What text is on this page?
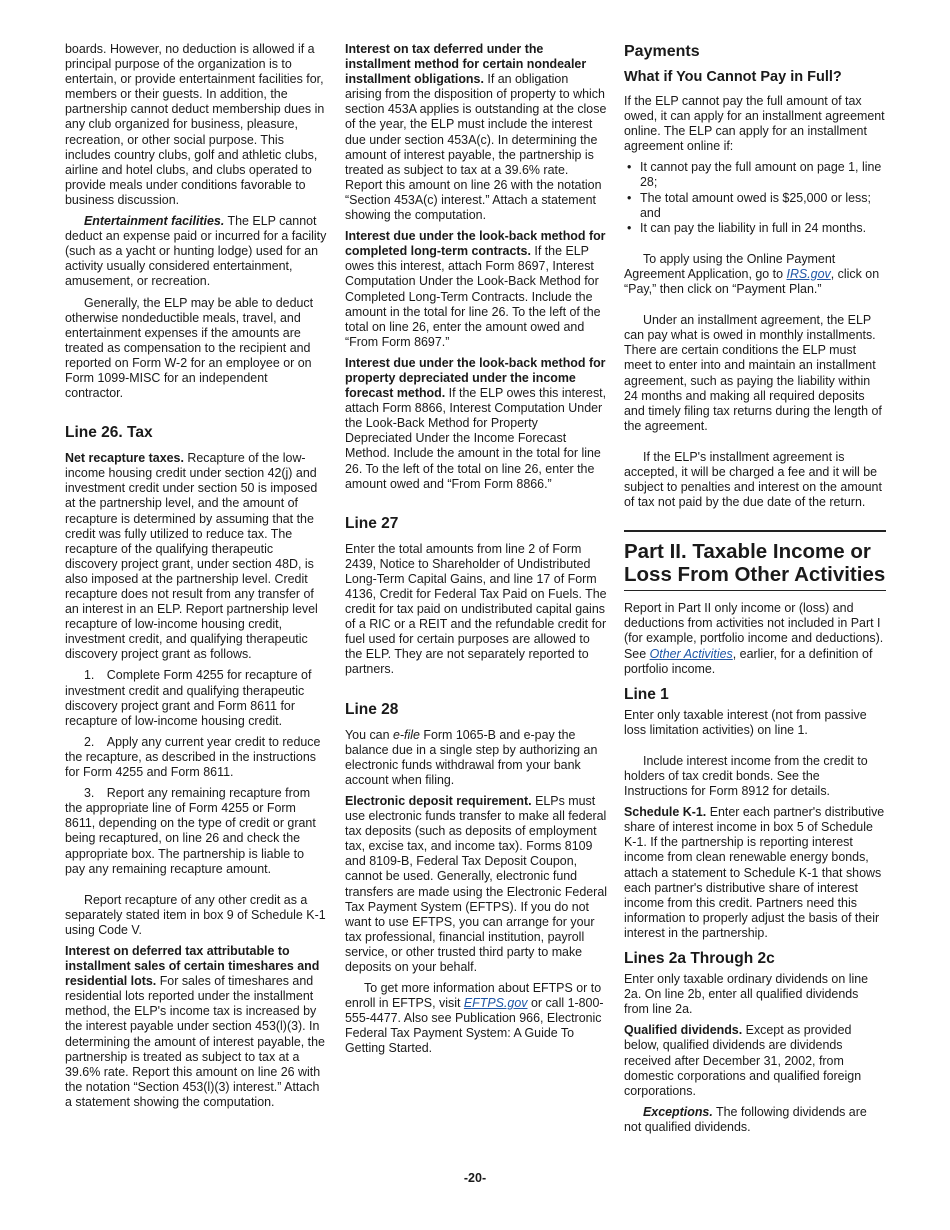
boards. However, no deduction is allowed if a principal purpose of the organization is to entertain, or provide entertainment facilities for, members or their guests. In addition, the partnership cannot deduct membership dues in any club organized for business, pleasure, recreation, or other social purpose. This includes country clubs, golf and athletic clubs, airline and hotel clubs, and clubs operated to provide meals under conditions favorable to business discussion.

Entertainment facilities. The ELP cannot deduct an expense paid or incurred for a facility (such as a yacht or hunting lodge) used for an activity usually considered entertainment, amusement, or recreation.

Generally, the ELP may be able to deduct otherwise nondeductible meals, travel, and entertainment expenses if the amounts are treated as compensation to the recipient and reported on Form W-2 for an employee or on Form 1099-MISC for an independent contractor.

Line 26. Tax

Net recapture taxes. Recapture of the low-income housing credit under section 42(j) and investment credit under section 50 is imposed at the partnership level, and the amount of recapture is determined by assuming that the credit was fully utilized to reduce tax. The recapture of the qualifying therapeutic discovery project grant, under section 48D, is also imposed at the partnership level. Credit recapture does not result from any transfer of an interest in an ELP. Report partnership level recapture of low-income housing credit, investment credit, and qualifying therapeutic discovery project grant as follows.

1. Complete Form 4255 for recapture of investment credit and qualifying therapeutic discovery project grant and Form 8611 for recapture of low-income housing credit.

2. Apply any current year credit to reduce the recapture, as described in the instructions for Form 4255 and Form 8611.

3. Report any remaining recapture from the appropriate line of Form 4255 or Form 8611, depending on the type of credit or grant being recaptured, on line 26 and check the appropriate box. The partnership is liable to pay any remaining recapture amount.

Report recapture of any other credit as a separately stated item in box 9 of Schedule K-1 using Code V.

Interest on deferred tax attributable to installment sales of certain timeshares and residential lots. For sales of timeshares and residential lots reported under the installment method, the ELP's income tax is increased by the interest payable under section 453(l)(3). In determining the amount of interest payable, the partnership is treated as subject to tax at a 39.6% rate. Report this amount on line 26 with the notation “Section 453(l)(3) interest.” Attach a statement showing the computation.

Interest on tax deferred under the installment method for certain nondealer installment obligations. If an obligation arising from the disposition of property to which section 453A applies is outstanding at the close of the year, the ELP must include the interest due under section 453A(c). In determining the amount of interest payable, the partnership is treated as subject to tax at a 39.6% rate. Report this amount on line 26 with the notation “Section 453A(c) interest.” Attach a statement showing the computation.

Interest due under the look-back method for completed long-term contracts. If the ELP owes this interest, attach Form 8697, Interest Computation Under the Look-Back Method for Completed Long-Term Contracts. Include the amount in the total for line 26. To the left of the total on line 26, enter the amount owed and “From Form 8697.”

Interest due under the look-back method for property depreciated under the income forecast method. If the ELP owes this interest, attach Form 8866, Interest Computation Under the Look-Back Method for Property Depreciated Under the Income Forecast Method. Include the amount in the total for line 26. To the left of the total on line 26, enter the amount owed and “From Form 8866.”

Line 27

Enter the total amounts from line 2 of Form 2439, Notice to Shareholder of Undistributed Long-Term Capital Gains, and line 17 of Form 4136, Credit for Federal Tax Paid on Fuels. The credit for tax paid on undistributed capital gains of a RIC or a REIT and the refundable credit for fuel used for certain purposes are allowed to the ELP. They are not separately reported to partners.

Line 28

You can e-file Form 1065-B and e-pay the balance due in a single step by authorizing an electronic funds withdrawal from your bank account when filing.

Electronic deposit requirement. ELPs must use electronic funds transfer to make all federal tax deposits (such as deposits of employment tax, excise tax, and income tax). Forms 8109 and 8109-B, Federal Tax Deposit Coupon, cannot be used. Generally, electronic fund transfers are made using the Electronic Federal Tax Payment System (EFTPS). If you do not want to use EFTPS, you can arrange for your tax professional, financial institution, payroll service, or other trusted third party to make deposits on your behalf.

To get more information about EFTPS or to enroll in EFTPS, visit EFTPS.gov or call 1-800-555-4477. Also see Publication 966, Electronic Federal Tax Payment System: A Guide To Getting Started.

Payments
What if You Cannot Pay in Full?

If the ELP cannot pay the full amount of tax owed, it can apply for an installment agreement online. The ELP can apply for an installment agreement online if:

• It cannot pay the full amount on page 1, line 28;
• The total amount owed is $25,000 or less; and
• It can pay the liability in full in 24 months.

To apply using the Online Payment Agreement Application, go to IRS.gov, click on “Pay,” then click on “Payment Plan.”

Under an installment agreement, the ELP can pay what is owed in monthly installments. There are certain conditions the ELP must meet to enter into and maintain an installment agreement, such as paying the liability within 24 months and making all required deposits and timely filing tax returns during the length of the agreement.

If the ELP's installment agreement is accepted, it will be charged a fee and it will be subject to penalties and interest on the amount of tax not paid by the due date of the return.

Part II. Taxable Income or Loss From Other Activities

Report in Part II only income or (loss) and deductions from activities not included in Part I (for example, portfolio income and deductions). See Other Activities, earlier, for a definition of portfolio income.

Line 1

Enter only taxable interest (not from passive loss limitation activities) on line 1.

Include interest income from the credit to holders of tax credit bonds. See the Instructions for Form 8912 for details.

Schedule K-1. Enter each partner's distributive share of interest income in box 5 of Schedule K-1. If the partnership is reporting interest income from clean renewable energy bonds, attach a statement to Schedule K-1 that shows each partner's distributive share of interest income from this credit. Partners need this information to properly adjust the basis of their interest in the partnership.

Lines 2a Through 2c

Enter only taxable ordinary dividends on line 2a. On line 2b, enter all qualified dividends from line 2a.

Qualified dividends. Except as provided below, qualified dividends are dividends received after December 31, 2002, from domestic corporations and qualified foreign corporations.

Exceptions. The following dividends are not qualified dividends.

-20-
